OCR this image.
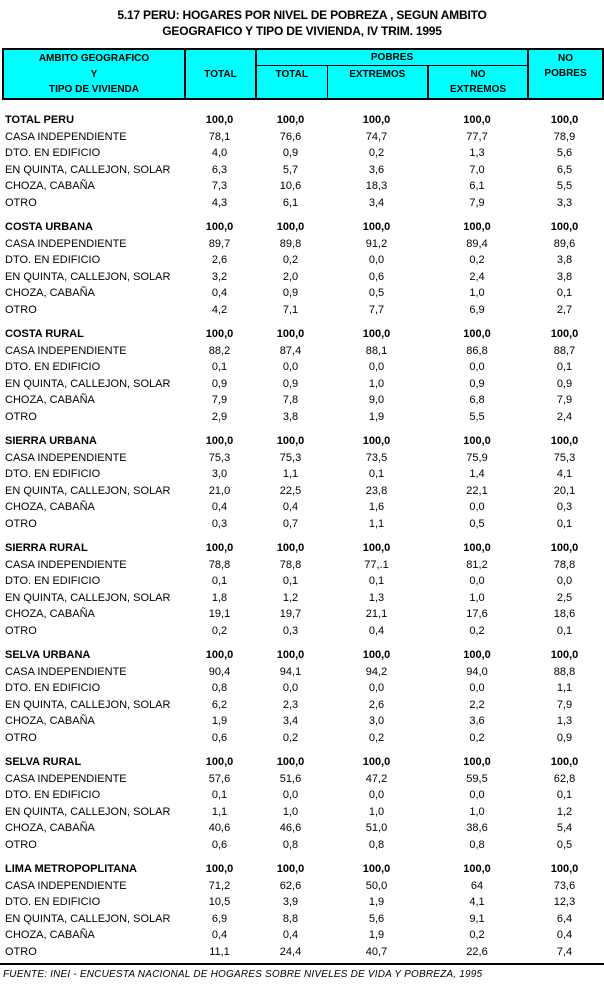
5.17 PERU: HOGARES POR NIVEL DE POBREZA , SEGUN AMBITO
GEOGRAFICO Y TIPO DE VIVIENDA, IV TRIM. 1995
AMBITO GEOGRAFICO
Y
TIPO DE VIVIENDA
	TOTAL	POBRES	NO
POBRES

		TOTAL	EXTREMOS	NO
EXTREMOS	
TOTAL PERU	100,0	100,0	100,0	100,0	100,0
CASA INDEPENDIENTE	78,1	76,6	74,7	77,7	78,9
DTO. EN EDIFICIO	4,0	0,9	0,2	1,3	5,6
EN QUINTA, CALLEJON, SOLAR	6,3	5,7	3,6	7,0	6,5
CHOZA, CABAÑA	7,3	10,6	18,3	6,1	5,5
OTRO	4,3	6,1	3,4	7,9	3,3

COSTA URBANA	100,0	100,0	100,0	100,0	100,0
CASA INDEPENDIENTE	89,7	89,8	91,2	89,4	89,6
DTO. EN EDIFICIO	2,6	0,2	0,0	0,2	3,8
EN QUINTA, CALLEJON, SOLAR	3,2	2,0	0,6	2,4	3,8
CHOZA, CABAÑA	0,4	0,9	0,5	1,0	0,1
OTRO	4,2	7,1	7,7	6,9	2,7

COSTA RURAL	100,0	100,0	100,0	100,0	100,0
CASA INDEPENDIENTE	88,2	87,4	88,1	86,8	88,7
DTO. EN EDIFICIO	0,1	0,0	0,0	0,0	0,1
EN QUINTA, CALLEJON, SOLAR	0,9	0,9	1,0	0,9	0,9
CHOZA, CABAÑA	7,9	7,8	9,0	6,8	7,9
OTRO	2,9	3,8	1,9	5,5	2,4

SIERRA URBANA	100,0	100,0	100,0	100,0	100,0
CASA INDEPENDIENTE	75,3	75,3	73,5	75,9	75,3
DTO. EN EDIFICIO	3,0	1,1	0,1	1,4	4,1
EN QUINTA, CALLEJON, SOLAR	21,0	22,5	23,8	22,1	20,1
CHOZA, CABAÑA	0,4	0,4	1,6	0,0	0,3
OTRO	0,3	0,7	1,1	0,5	0,1

SIERRA RURAL	100,0	100,0	100,0	100,0	100,0
CASA INDEPENDIENTE	78,8	78,8	77,.1	81,2	78,8
DTO. EN EDIFICIO	0,1	0,1	0,1	0,0	0,0
EN QUINTA, CALLEJON, SOLAR	1,8	1,2	1,3	1,0	2,5
CHOZA, CABAÑA	19,1	19,7	21,1	17,6	18,6
OTRO	0,2	0,3	0,4	0,2	0,1

SELVA URBANA	100,0	100,0	100,0	100,0	100,0
CASA INDEPENDIENTE	90,4	94,1	94,2	94,0	88,8
DTO. EN EDIFICIO	0,8	0,0	0,0	0,0	1,1
EN QUINTA, CALLEJON, SOLAR	6,2	2,3	2,6	2,2	7,9
CHOZA, CABAÑA	1,9	3,4	3,0	3,6	1,3
OTRO	0,6	0,2	0,2	0,2	0,9

SELVA RURAL	100,0	100,0	100,0	100,0	100,0
CASA INDEPENDIENTE	57,6	51,6	47,2	59,5	62,8
DTO. EN EDIFICIO	0,1	0,0	0,0	0,0	0,1
EN QUINTA, CALLEJON, SOLAR	1,1	1,0	1,0	1,0	1,2
CHOZA, CABAÑA	40,6	46,6	51,0	38,6	5,4
OTRO	0,6	0,8	0,8	0,8	0,5

LIMA METROPOPLITANA	100,0	100,0	100,0	100,0	100,0
CASA INDEPENDIENTE	71,2	62,6	50,0	64	73,6
DTO. EN EDIFICIO	10,5	3,9	1,9	4,1	12,3
EN QUINTA, CALLEJON, SOLAR	6,9	8,8	5,6	9,1	6,4
CHOZA, CABAÑA	0,4	0,4	1,9	0,2	0,4
OTRO	11,1	24,4	40,7	22,6	7,4
FUENTE: INEI - ENCUESTA NACIONAL DE HOGARES SOBRE NIVELES DE VIDA Y POBREZA, 1995
